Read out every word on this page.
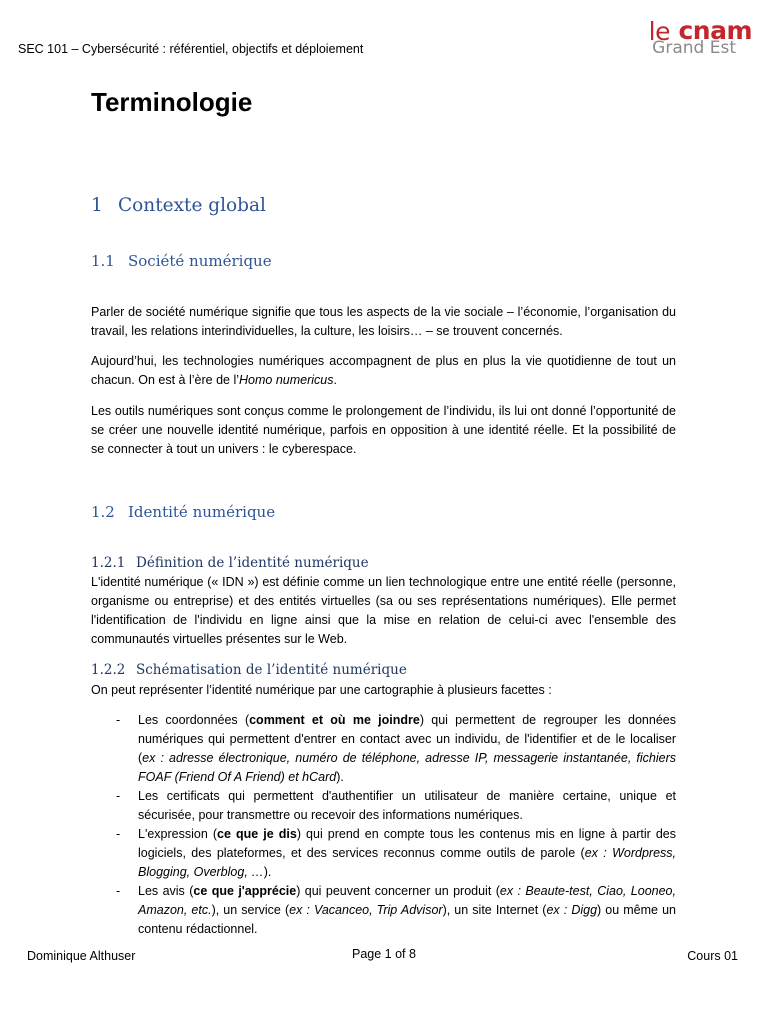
SEC 101 – Cybersécurité : référentiel, objectifs et déploiement
le cnam
Grand Est
Terminologie
1 Contexte global
1.1 Société numérique

Parler de société numérique signifie que tous les aspects de la vie sociale – l’économie, l’organisation du travail, les relations interindividuelles, la culture, les loisirs… – se trouvent concernés.

Aujourd’hui, les technologies numériques accompagnent de plus en plus la vie quotidienne de tout un chacun. On est à l’ère de l’Homo numericus.

Les outils numériques sont conçus comme le prolongement de l’individu, ils lui ont donné l’opportunité de se créer une nouvelle identité numérique, parfois en opposition à une identité réelle. Et la possibilité de se connecter à tout un univers : le cyberespace.

1.2 Identité numérique
1.2.1 Définition de l’identité numérique

L'identité numérique (« IDN ») est définie comme un lien technologique entre une entité réelle (personne, organisme ou entreprise) et des entités virtuelles (sa ou ses représentations numériques). Elle permet l'identification de l'individu en ligne ainsi que la mise en relation de celui-ci avec l'ensemble des communautés virtuelles présentes sur le Web.

1.2.2 Schématisation de l’identité numérique

On peut représenter l’identité numérique par une cartographie à plusieurs facettes :

- Les coordonnées (comment et où me joindre) qui permettent de regrouper les données numériques qui permettent d'entrer en contact avec un individu, de l'identifier et de le localiser (ex : adresse électronique, numéro de téléphone, adresse IP, messagerie instantanée, fichiers FOAF (Friend Of A Friend) et hCard).
- Les certificats qui permettent d'authentifier un utilisateur de manière certaine, unique et sécurisée, pour transmettre ou recevoir des informations numériques.
- L'expression (ce que je dis) qui prend en compte tous les contenus mis en ligne à partir des logiciels, des plateformes, et des services reconnus comme outils de parole (ex : Wordpress, Blogging, Overblog, …).
- Les avis (ce que j'apprécie) qui peuvent concerner un produit (ex : Beaute-test, Ciao, Looneo, Amazon, etc.), un service (ex : Vacanceo, Trip Advisor), un site Internet (ex : Digg) ou même un contenu rédactionnel.
Dominique Althuser	Page 1 of 8	Cours 01
